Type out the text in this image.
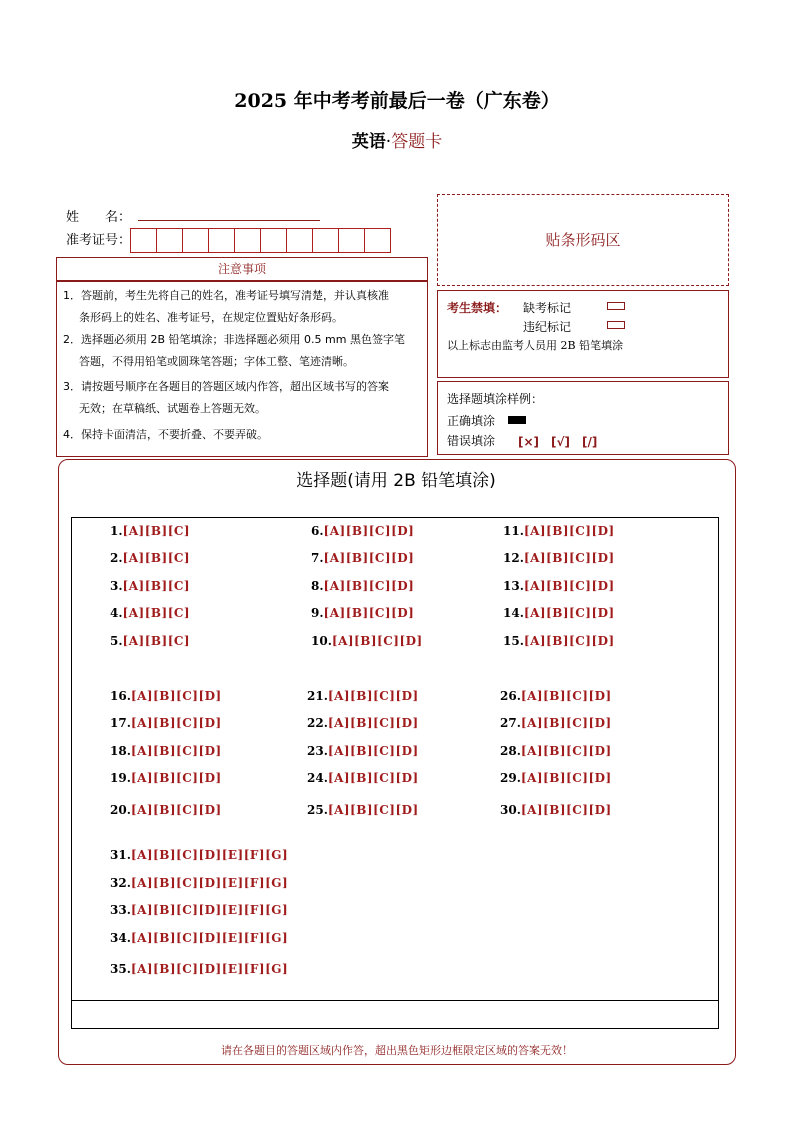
2025 年中考考前最后一卷（广东卷）
英语·答题卡
姓　　名：
准考证号：
注意事项
1．答题前，考生先将自己的姓名，准考证号填写清楚，并认真核准
条形码上的姓名、准考证号，在规定位置贴好条形码。
2．选择题必须用 2B 铅笔填涂；非选择题必须用 0.5 mm 黑色签字笔
答题，不得用铅笔或圆珠笔答题；字体工整、笔迹清晰。
3．请按题号顺序在各题目的答题区域内作答，超出区域书写的答案
无效；在草稿纸、试题卷上答题无效。
4．保持卡面清洁，不要折叠、不要弄破。
贴条形码区
考生禁填： 缺考标记
违纪标记
以上标志由监考人员用 2B 铅笔填涂
选择题填涂样例：
正确填涂
错误填涂 [×]　[√]　[/]
选择题(请用 2B 铅笔填涂)
1.[A][B][C]
2.[A][B][C]
3.[A][B][C]
4.[A][B][C]
5.[A][B][C]
6.[A][B][C][D]
7.[A][B][C][D]
8.[A][B][C][D]
9.[A][B][C][D]
10.[A][B][C][D]
11.[A][B][C][D]
12.[A][B][C][D]
13.[A][B][C][D]
14.[A][B][C][D]
15.[A][B][C][D]
16.[A][B][C][D]
17.[A][B][C][D]
18.[A][B][C][D]
19.[A][B][C][D]
20.[A][B][C][D]
21.[A][B][C][D]
22.[A][B][C][D]
23.[A][B][C][D]
24.[A][B][C][D]
25.[A][B][C][D]
26.[A][B][C][D]
27.[A][B][C][D]
28.[A][B][C][D]
29.[A][B][C][D]
30.[A][B][C][D]
31.[A][B][C][D][E][F][G]
32.[A][B][C][D][E][F][G]
33.[A][B][C][D][E][F][G]
34.[A][B][C][D][E][F][G]
35.[A][B][C][D][E][F][G]
请在各题目的答题区域内作答，超出黑色矩形边框限定区域的答案无效！
